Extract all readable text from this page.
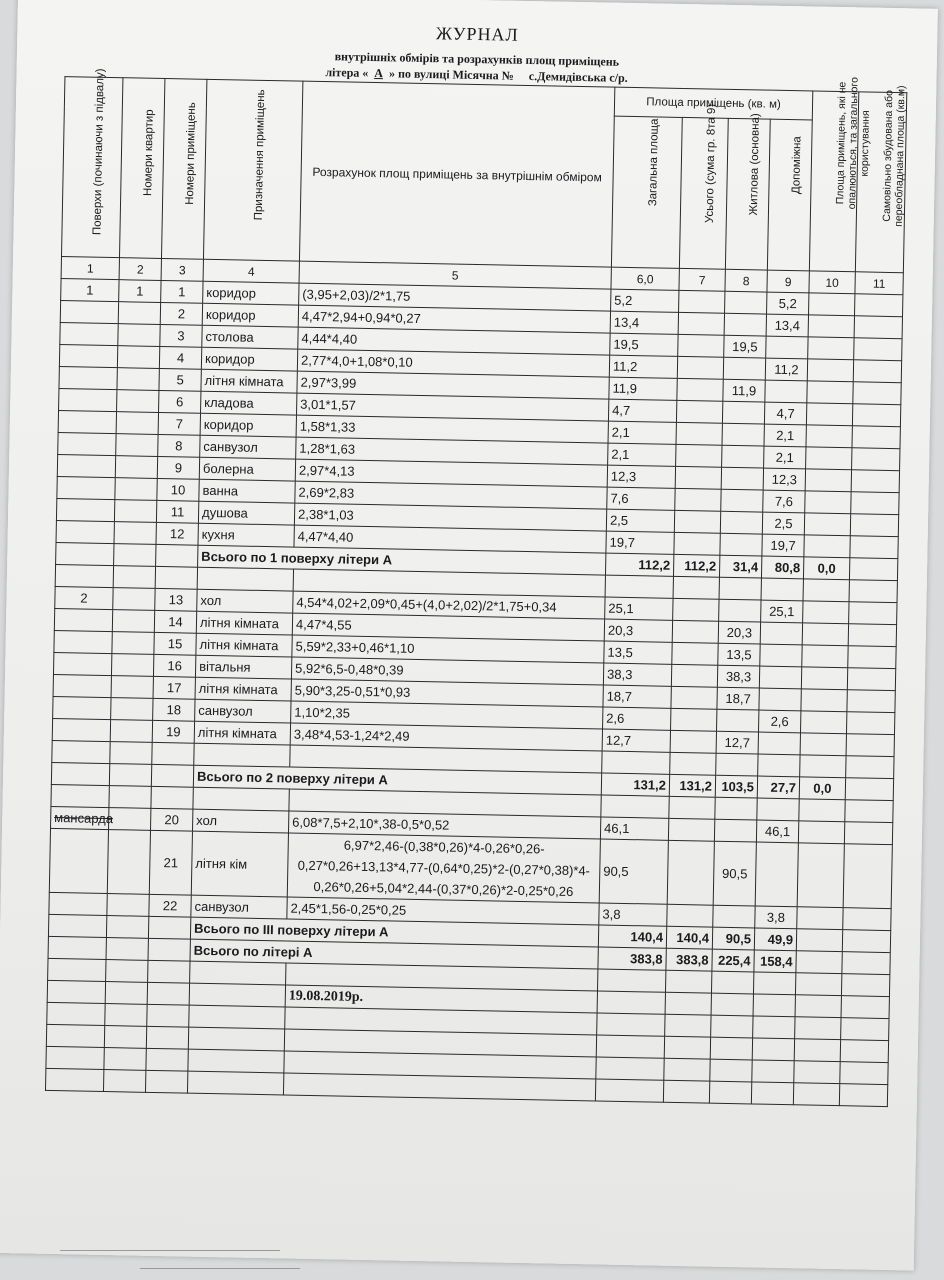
ЖУРНАЛ
внутрішніх обмірів та розрахунків площ приміщень
літера « А » по вулиці Місячна № с.Демидівська с/р.
Поверхи (починаючи з підвалу)	Номери квартир	Номери приміщень	Призначення приміщень	Розрахунок площ приміщень за внутрішнім обміром	Площа приміщень (кв. м)				Площа приміщень, які не опалюються, та загального користування	Самовільно збудована або переобладнана площа (кв.м)

					Загальна площа	Усього (сума гр. 8та 9)	Житлова (основна)	Допоміжна		

1	2	3	4	5	6,0	7	8	9	10	11
1	1	1	коридор	(3,95+2,03)/2*1,75	5,2			5,2		
		2	коридор	4,47*2,94+0,94*0,27	13,4			13,4		
		3	столова	4,44*4,40	19,5		19,5			
		4	коридор	2,77*4,0+1,08*0,10	11,2			11,2		
		5	літня кімната	2,97*3,99	11,9		11,9			
		6	кладова	3,01*1,57	4,7			4,7		
		7	коридор	1,58*1,33	2,1			2,1		
		8	санвузол	1,28*1,63	2,1			2,1		
		9	болерна	2,97*4,13	12,3			12,3		
		10	ванна	2,69*2,83	7,6			7,6		
		11	душова	2,38*1,03	2,5			2,5		
		12	кухня	4,47*4,40	19,7			19,7		
			Всього по 1 поверху літери А		112,2	112,2	31,4	80,8	0,0	

2		13	хол	4,54*4,02+2,09*0,45+(4,0+2,02)/2*1,75+0,34	25,1			25,1		
		14	літня кімната	4,47*4,55	20,3		20,3			
		15	літня кімната	5,59*2,33+0,46*1,10	13,5		13,5			
		16	вітальня	5,92*6,5-0,48*0,39	38,3		38,3			
		17	літня кімната	5,90*3,25-0,51*0,93	18,7		18,7			
		18	санвузол	1,10*2,35	2,6			2,6		
		19	літня кімната	3,48*4,53-1,24*2,49	12,7		12,7			

			Всього по 2 поверху літери А		131,2	131,2	103,5	27,7	0,0	

мансарда		20	хол	6,08*7,5+2,10*,38-0,5*0,52	46,1			46,1		
		21	літня кім	6,97*2,46-(0,38*0,26)*4-0,26*0,26-0,27*0,26+13,13*4,77-(0,64*0,25)*2-(0,27*0,38)*4-0,26*0,26+5,04*2,44-(0,37*0,26)*2-0,25*0,26	90,5		90,5			
		22	санвузол	2,45*1,56-0,25*0,25	3,8			3,8		
			Всього по III поверху літери А		140,4	140,4	90,5	49,9		
			Всього по літері А		383,8	383,8	225,4	158,4		

				19.08.2019р.						
